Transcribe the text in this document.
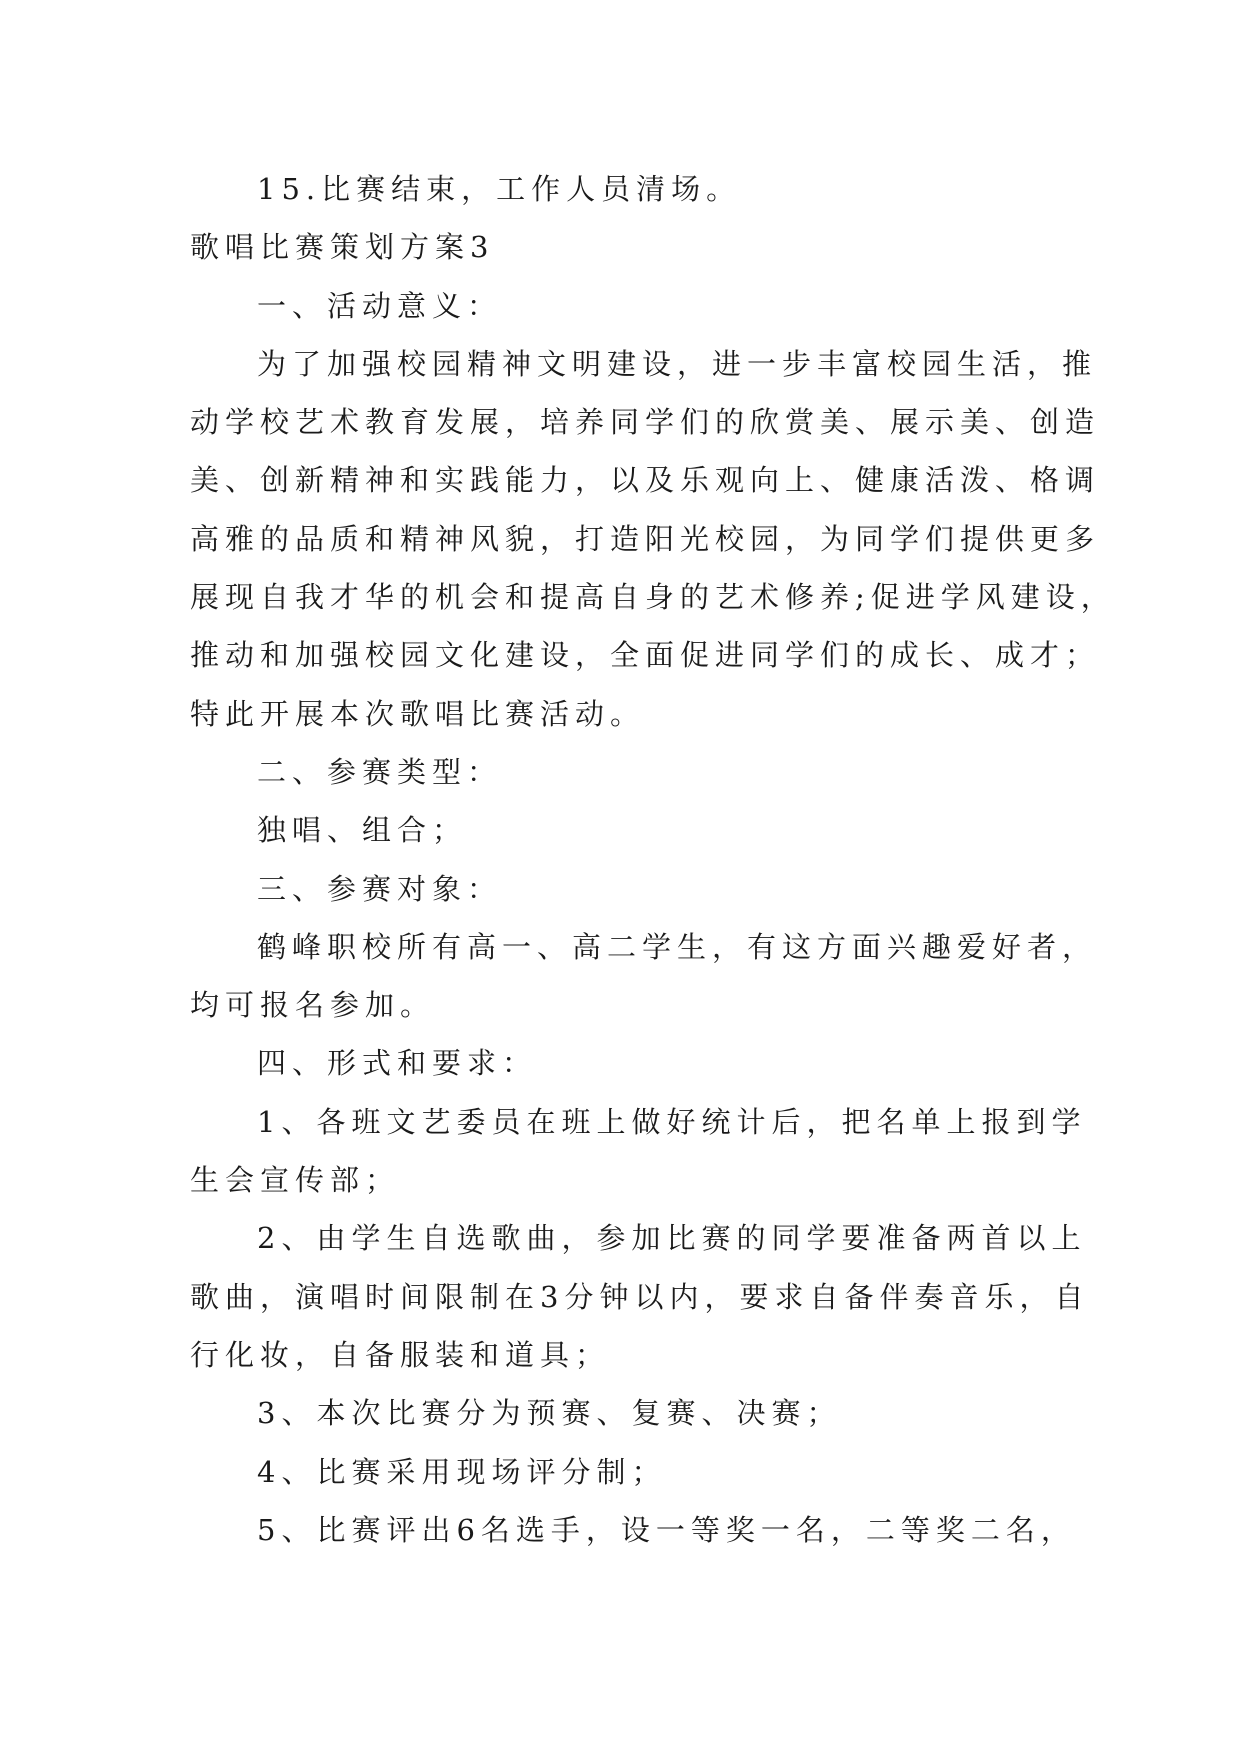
15.比赛结束，工作人员清场。

歌唱比赛策划方案3

一、活动意义：

为了加强校园精神文明建设，进一步丰富校园生活，推

动学校艺术教育发展，培养同学们的欣赏美、展示美、创造

美、创新精神和实践能力，以及乐观向上、健康活泼、格调

高雅的品质和精神风貌，打造阳光校园，为同学们提供更多

展现自我才华的机会和提高自身的艺术修养;促进学风建设，

推动和加强校园文化建设，全面促进同学们的成长、成才；

特此开展本次歌唱比赛活动。

二、参赛类型：

独唱、组合；

三、参赛对象：

鹤峰职校所有高一、高二学生，有这方面兴趣爱好者，

均可报名参加。

四、形式和要求：

1、各班文艺委员在班上做好统计后，把名单上报到学

生会宣传部；

2、由学生自选歌曲，参加比赛的同学要准备两首以上

歌曲，演唱时间限制在3分钟以内，要求自备伴奏音乐，自

行化妆，自备服装和道具；

3、本次比赛分为预赛、复赛、决赛；

4、比赛采用现场评分制；

5、比赛评出6名选手，设一等奖一名，二等奖二名，
